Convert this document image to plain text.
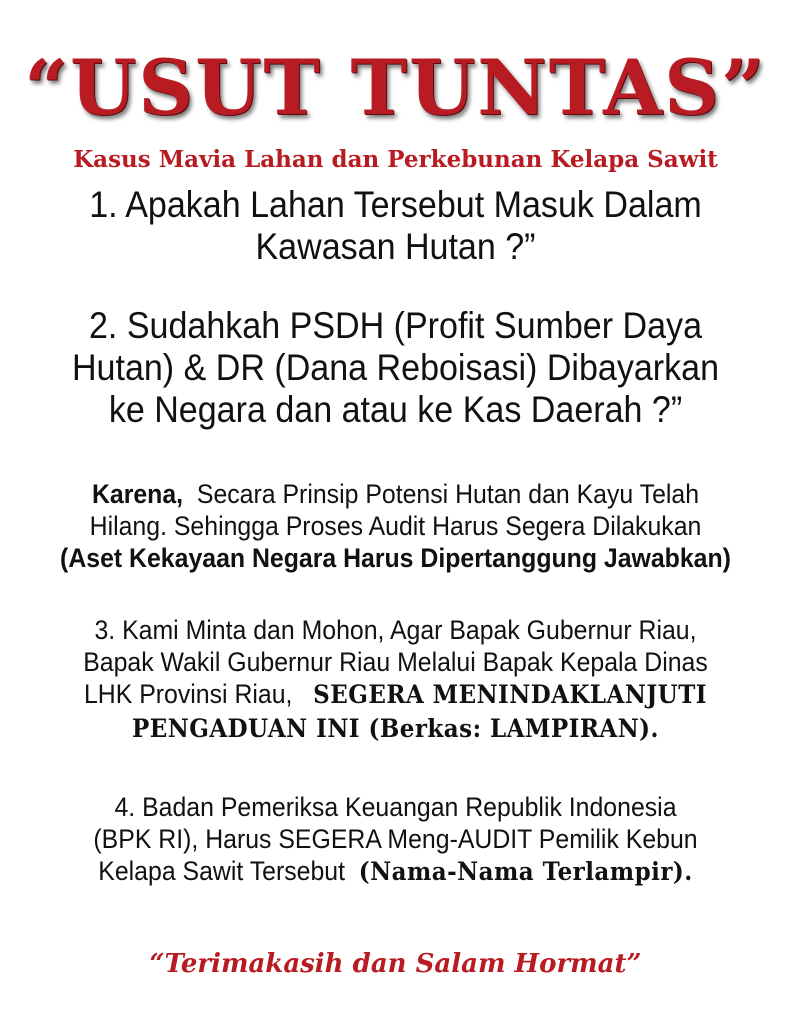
“USUT TUNTAS”
Kasus Mavia Lahan dan Perkebunan Kelapa Sawit
1. Apakah Lahan Tersebut Masuk Dalam
Kawasan Hutan ?”
2. Sudahkah PSDH (Profit Sumber Daya
Hutan) & DR (Dana Reboisasi) Dibayarkan
ke Negara dan atau ke Kas Daerah ?”
Karena,  Secara Prinsip Potensi Hutan dan Kayu Telah
Hilang. Sehingga Proses Audit Harus Segera Dilakukan
(Aset Kekayaan Negara Harus Dipertanggung Jawabkan)
3. Kami Minta dan Mohon, Agar Bapak Gubernur Riau,
Bapak Wakil Gubernur Riau Melalui Bapak Kepala Dinas
LHK Provinsi Riau,   SEGERA MENINDAKLANJUTI
PENGADUAN INI (Berkas: LAMPIRAN).
4. Badan Pemeriksa Keuangan Republik Indonesia
(BPK RI), Harus SEGERA Meng-AUDIT Pemilik Kebun
Kelapa Sawit Tersebut  (Nama-Nama Terlampir).
“Terimakasih dan Salam Hormat”
